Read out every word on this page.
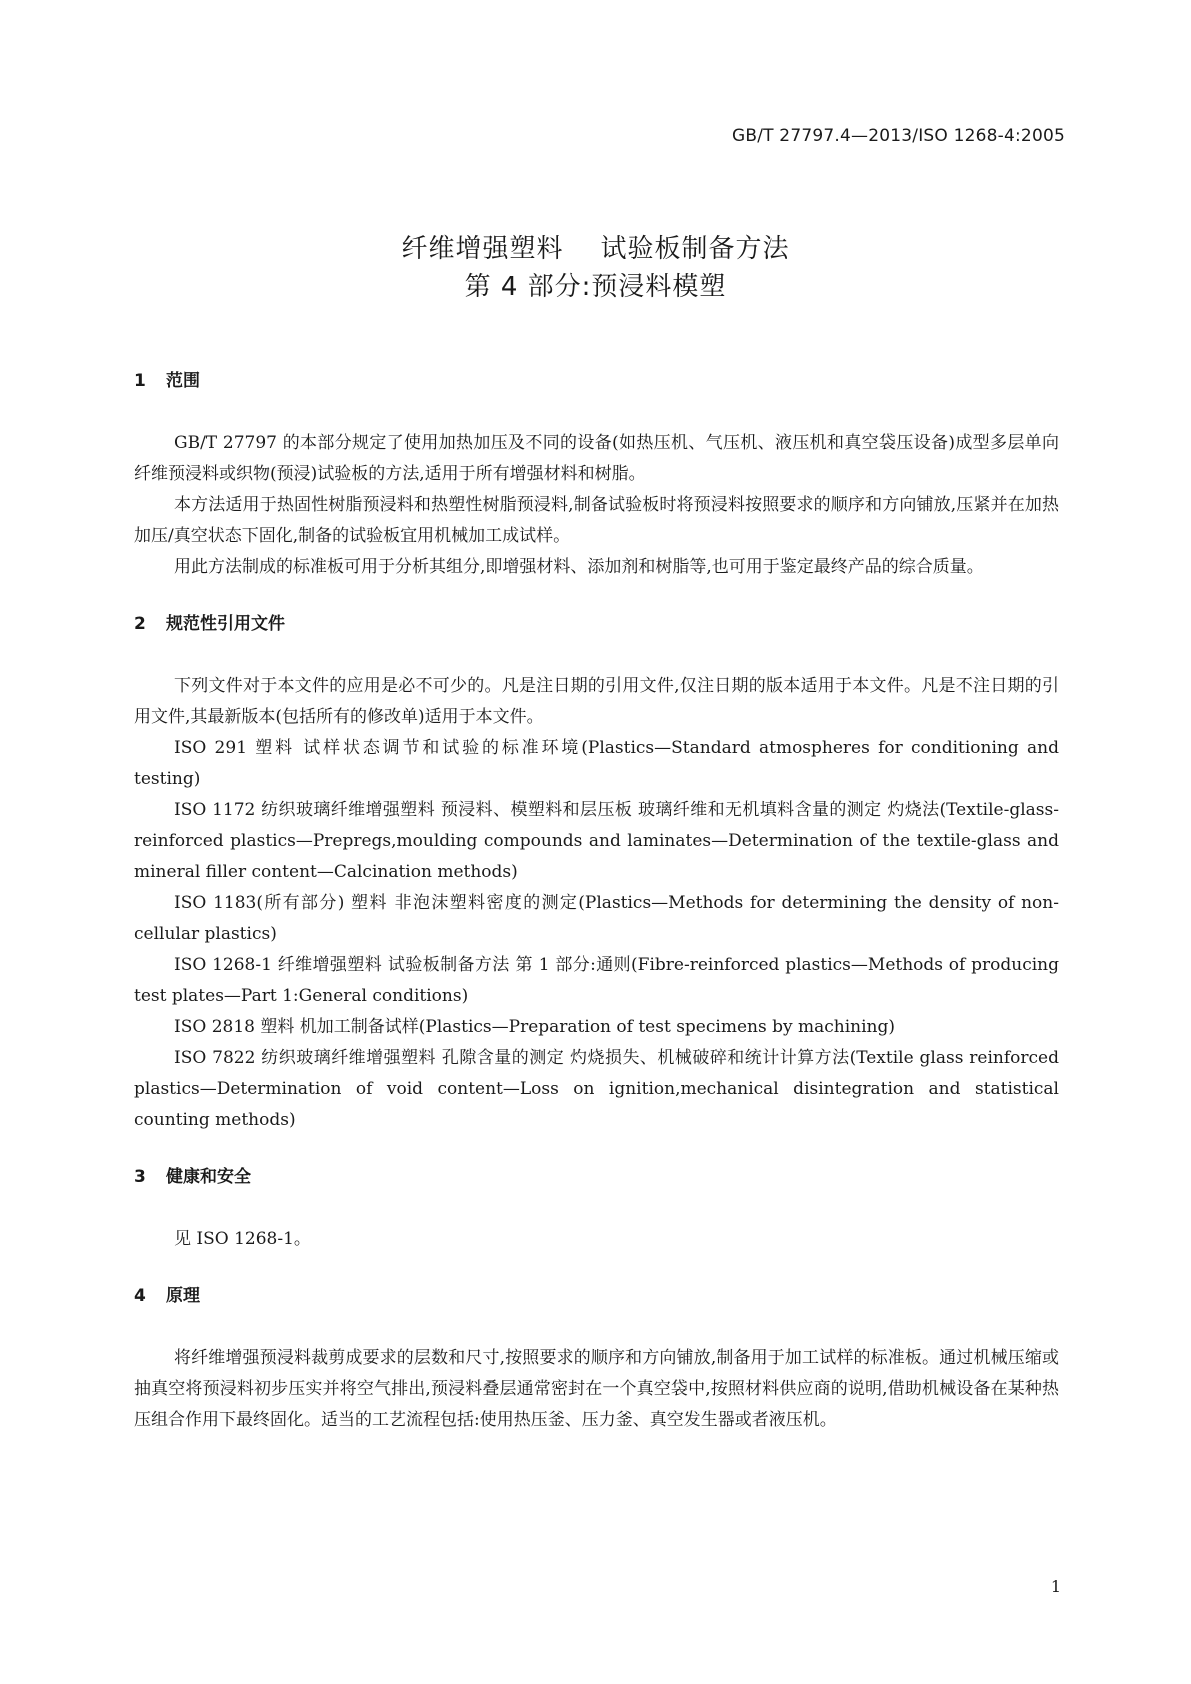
GB/T 27797.4—2013/ISO 1268-4:2005
纤维增强塑料    试验板制备方法
第 4 部分:预浸料模塑
1 范围

GB/T 27797 的本部分规定了使用加热加压及不同的设备(如热压机、气压机、液压机和真空袋压设备)成型多层单向纤维预浸料或织物(预浸)试验板的方法,适用于所有增强材料和树脂。

本方法适用于热固性树脂预浸料和热塑性树脂预浸料,制备试验板时将预浸料按照要求的顺序和方向铺放,压紧并在加热加压/真空状态下固化,制备的试验板宜用机械加工成试样。

用此方法制成的标准板可用于分析其组分,即增强材料、添加剂和树脂等,也可用于鉴定最终产品的综合质量。

2 规范性引用文件

下列文件对于本文件的应用是必不可少的。凡是注日期的引用文件,仅注日期的版本适用于本文件。凡是不注日期的引用文件,其最新版本(包括所有的修改单)适用于本文件。

ISO 291 塑料 试样状态调节和试验的标准环境(Plastics—Standard atmospheres for conditioning and testing)

ISO 1172 纺织玻璃纤维增强塑料 预浸料、模塑料和层压板 玻璃纤维和无机填料含量的测定 灼烧法(Textile-glass-reinforced plastics—Prepregs,moulding compounds and laminates—Determination of the textile-glass and mineral filler content—Calcination methods)

ISO 1183(所有部分) 塑料 非泡沫塑料密度的测定(Plastics—Methods for determining the density of non-cellular plastics)

ISO 1268-1 纤维增强塑料 试验板制备方法 第 1 部分:通则(Fibre-reinforced plastics—Methods of producing test plates—Part 1:General conditions)

ISO 2818 塑料 机加工制备试样(Plastics—Preparation of test specimens by machining)

ISO 7822 纺织玻璃纤维增强塑料 孔隙含量的测定 灼烧损失、机械破碎和统计计算方法(Textile glass reinforced plastics—Determination of void content—Loss on ignition,mechanical disintegration and statistical counting methods)

3 健康和安全

见 ISO 1268-1。

4 原理

将纤维增强预浸料裁剪成要求的层数和尺寸,按照要求的顺序和方向铺放,制备用于加工试样的标准板。通过机械压缩或抽真空将预浸料初步压实并将空气排出,预浸料叠层通常密封在一个真空袋中,按照材料供应商的说明,借助机械设备在某种热压组合作用下最终固化。适当的工艺流程包括:使用热压釜、压力釜、真空发生器或者液压机。

1
